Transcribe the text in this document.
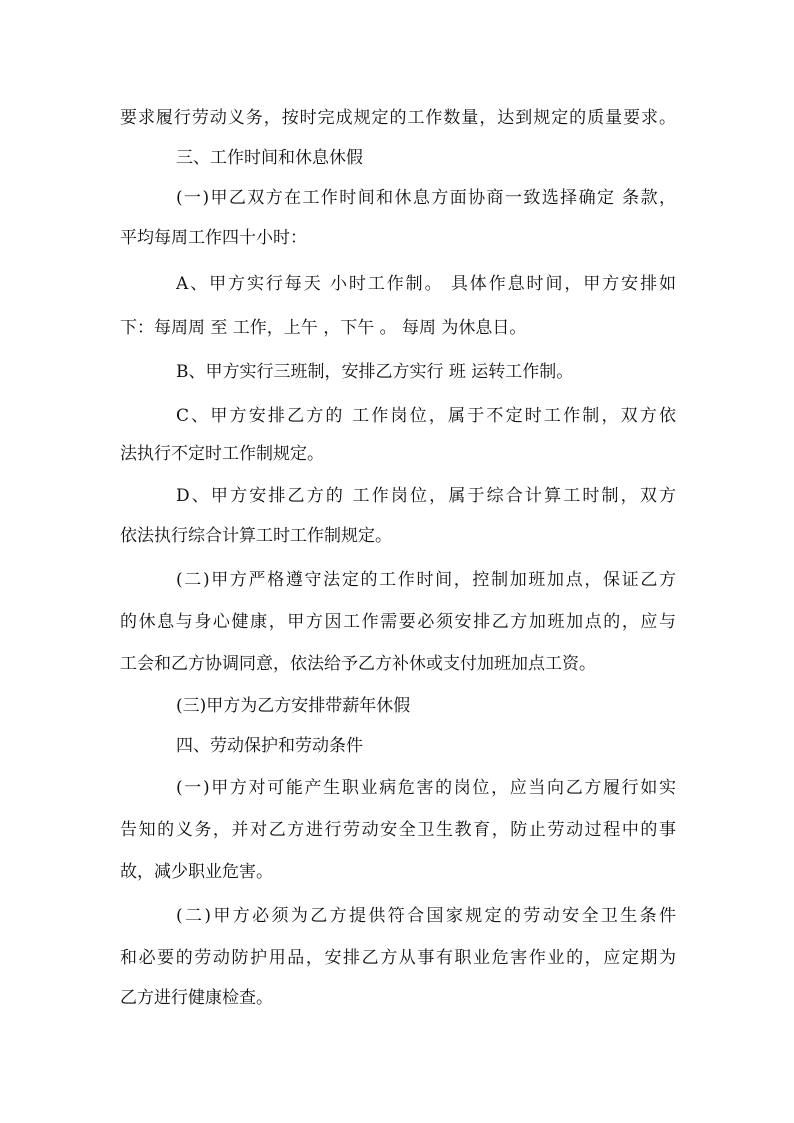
要求履行劳动义务，按时完成规定的工作数量，达到规定的质量要求。
三、工作时间和休息休假
(一)甲乙双方在工作时间和休息方面协商一致选择确定 条款，
平均每周工作四十小时：
A、甲方实行每天 小时工作制。 具体作息时间，甲方安排如
下：每周周 至 工作，上午 ，下午 。 每周 为休息日。
B、甲方实行三班制，安排乙方实行 班 运转工作制。
C、甲方安排乙方的 工作岗位，属于不定时工作制，双方依
法执行不定时工作制规定。
D、甲方安排乙方的 工作岗位，属于综合计算工时制，双方
依法执行综合计算工时工作制规定。
(二)甲方严格遵守法定的工作时间，控制加班加点，保证乙方
的休息与身心健康，甲方因工作需要必须安排乙方加班加点的，应与
工会和乙方协调同意，依法给予乙方补休或支付加班加点工资。
(三)甲方为乙方安排带薪年休假
四、劳动保护和劳动条件
(一)甲方对可能产生职业病危害的岗位，应当向乙方履行如实
告知的义务，并对乙方进行劳动安全卫生教育，防止劳动过程中的事
故，减少职业危害。
(二)甲方必须为乙方提供符合国家规定的劳动安全卫生条件
和必要的劳动防护用品，安排乙方从事有职业危害作业的，应定期为
乙方进行健康检查。
